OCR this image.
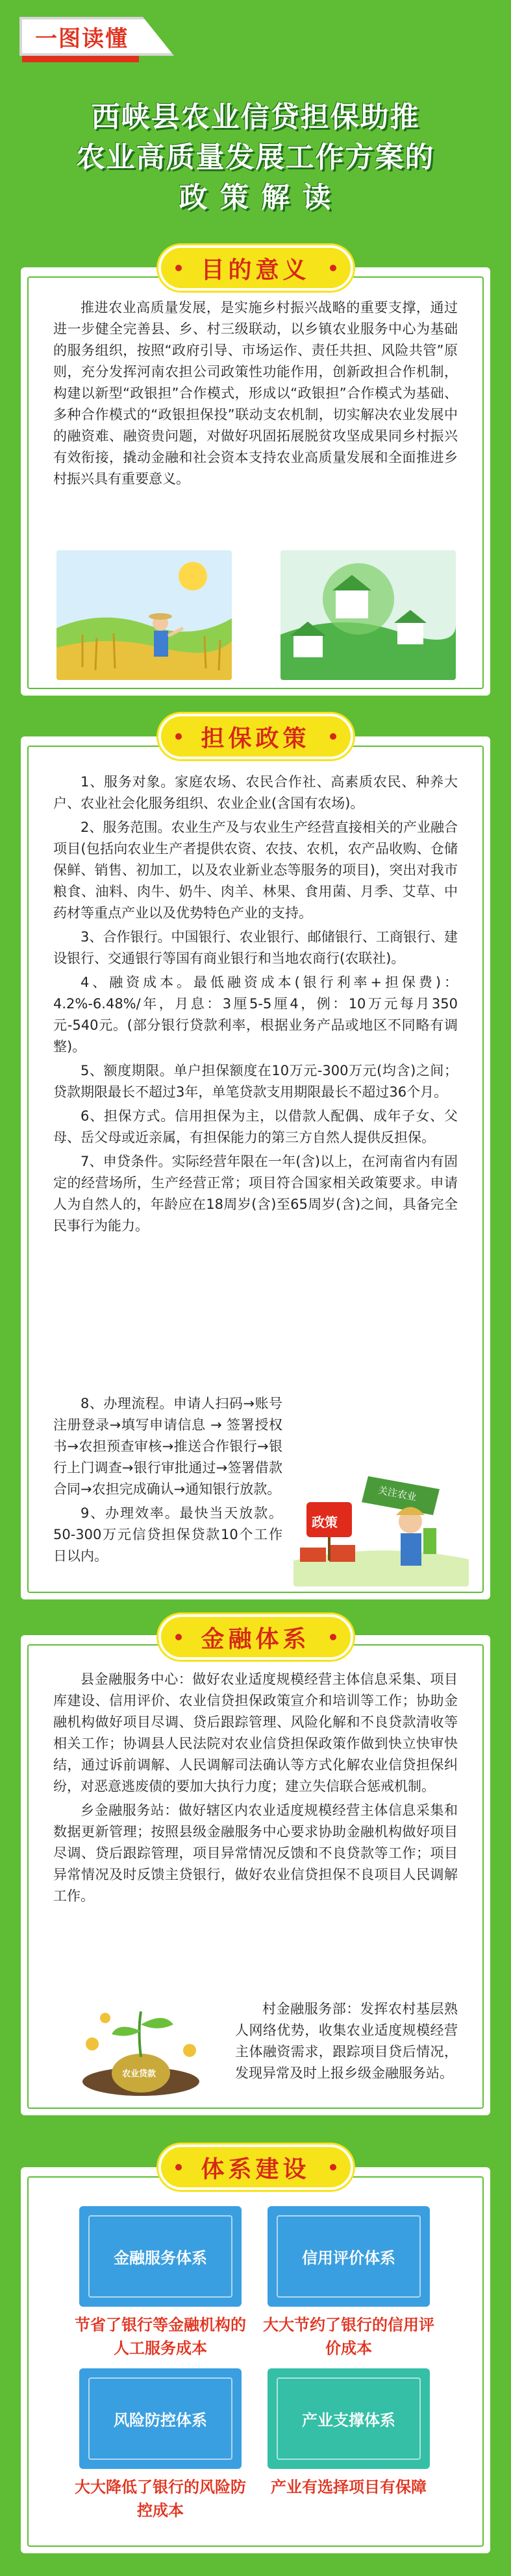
一图读懂
西峡县农业信贷担保助推
农业高质量发展工作方案的
政 策 解 读

推进农业高质量发展，是实施乡村振兴战略的重要支撑，通过进一步健全完善县、乡、村三级联动，以乡镇农业服务中心为基础的服务组织，按照“政府引导、市场运作、责任共担、风险共管”原则，充分发挥河南农担公司政策性功能作用，创新政担合作机制，构建以新型“政银担”合作模式，形成以“政银担”合作模式为基础、多种合作模式的“政银担保投”联动支农机制，切实解决农业发展中的融资难、融资贵问题，对做好巩固拓展脱贫攻坚成果同乡村振兴有效衔接，撬动金融和社会资本支持农业高质量发展和全面推进乡村振兴具有重要意义。

目的意义

1、服务对象。家庭农场、农民合作社、高素质农民、种养大户、农业社会化服务组织、农业企业(含国有农场)。

2、服务范围。农业生产及与农业生产经营直接相关的产业融合项目(包括向农业生产者提供农资、农技、农机，农产品收购、仓储保鲜、销售、初加工，以及农业新业态等服务的项目)，突出对我市粮食、油料、肉牛、奶牛、肉羊、林果、食用菌、月季、艾草、中药材等重点产业以及优势特色产业的支持。

3、合作银行。中国银行、农业银行、邮储银行、工商银行、建设银行、交通银行等国有商业银行和当地农商行(农联社)。

4、融资成本。最低融资成本(银行利率+担保费)：4.2%-6.48%/年，月息：3厘5-5厘4，例：10万元每月350元-540元。(部分银行贷款利率，根据业务产品或地区不同略有调整)。

5、额度期限。单户担保额度在10万元-300万元(均含)之间；贷款期限最长不超过3年，单笔贷款支用期限最长不超过36个月。

6、担保方式。信用担保为主，以借款人配偶、成年子女、父母、岳父母或近亲属，有担保能力的第三方自然人提供反担保。

7、申贷条件。实际经营年限在一年(含)以上，在河南省内有固定的经营场所，生产经营正常；项目符合国家相关政策要求。申请人为自然人的，年龄应在18周岁(含)至65周岁(含)之间，具备完全民事行为能力。

8、办理流程。申请人扫码→账号注册登录→填写申请信息 → 签署授权书→农担预查审核→推送合作银行→银行上门调查→银行审批通过→签署借款合同→农担完成确认→通知银行放款。

9、办理效率。最快当天放款。50-300万元信贷担保贷款10个工作日以内。

政策
关注农业
担保政策

县金融服务中心：做好农业适度规模经营主体信息采集、项目库建设、信用评价、农业信贷担保政策宣介和培训等工作；协助金融机构做好项目尽调、贷后跟踪管理、风险化解和不良贷款清收等相关工作；协调县人民法院对农业信贷担保政策作做到快立快审快结，通过诉前调解、人民调解司法确认等方式化解农业信贷担保纠纷，对恶意逃废债的要加大执行力度；建立失信联合惩戒机制。

乡金融服务站：做好辖区内农业适度规模经营主体信息采集和数据更新管理；按照县级金融服务中心要求协助金融机构做好项目尽调、贷后跟踪管理，项目异常情况反馈和不良贷款等工作；项目异常情况及时反馈主贷银行，做好农业信贷担保不良项目人民调解工作。

村金融服务部：发挥农村基层熟人网络优势，收集农业适度规模经营主体融资需求，跟踪项目贷后情况，发现异常及时上报乡级金融服务站。

农业贷款
金融体系
金融服务体系
节省了银行等金融机构的人工服务成本
信用评价体系
大大节约了银行的信用评价成本
风险防控体系
大大降低了银行的风险防控成本
产业支撑体系
产业有选择项目有保障
体系建设
